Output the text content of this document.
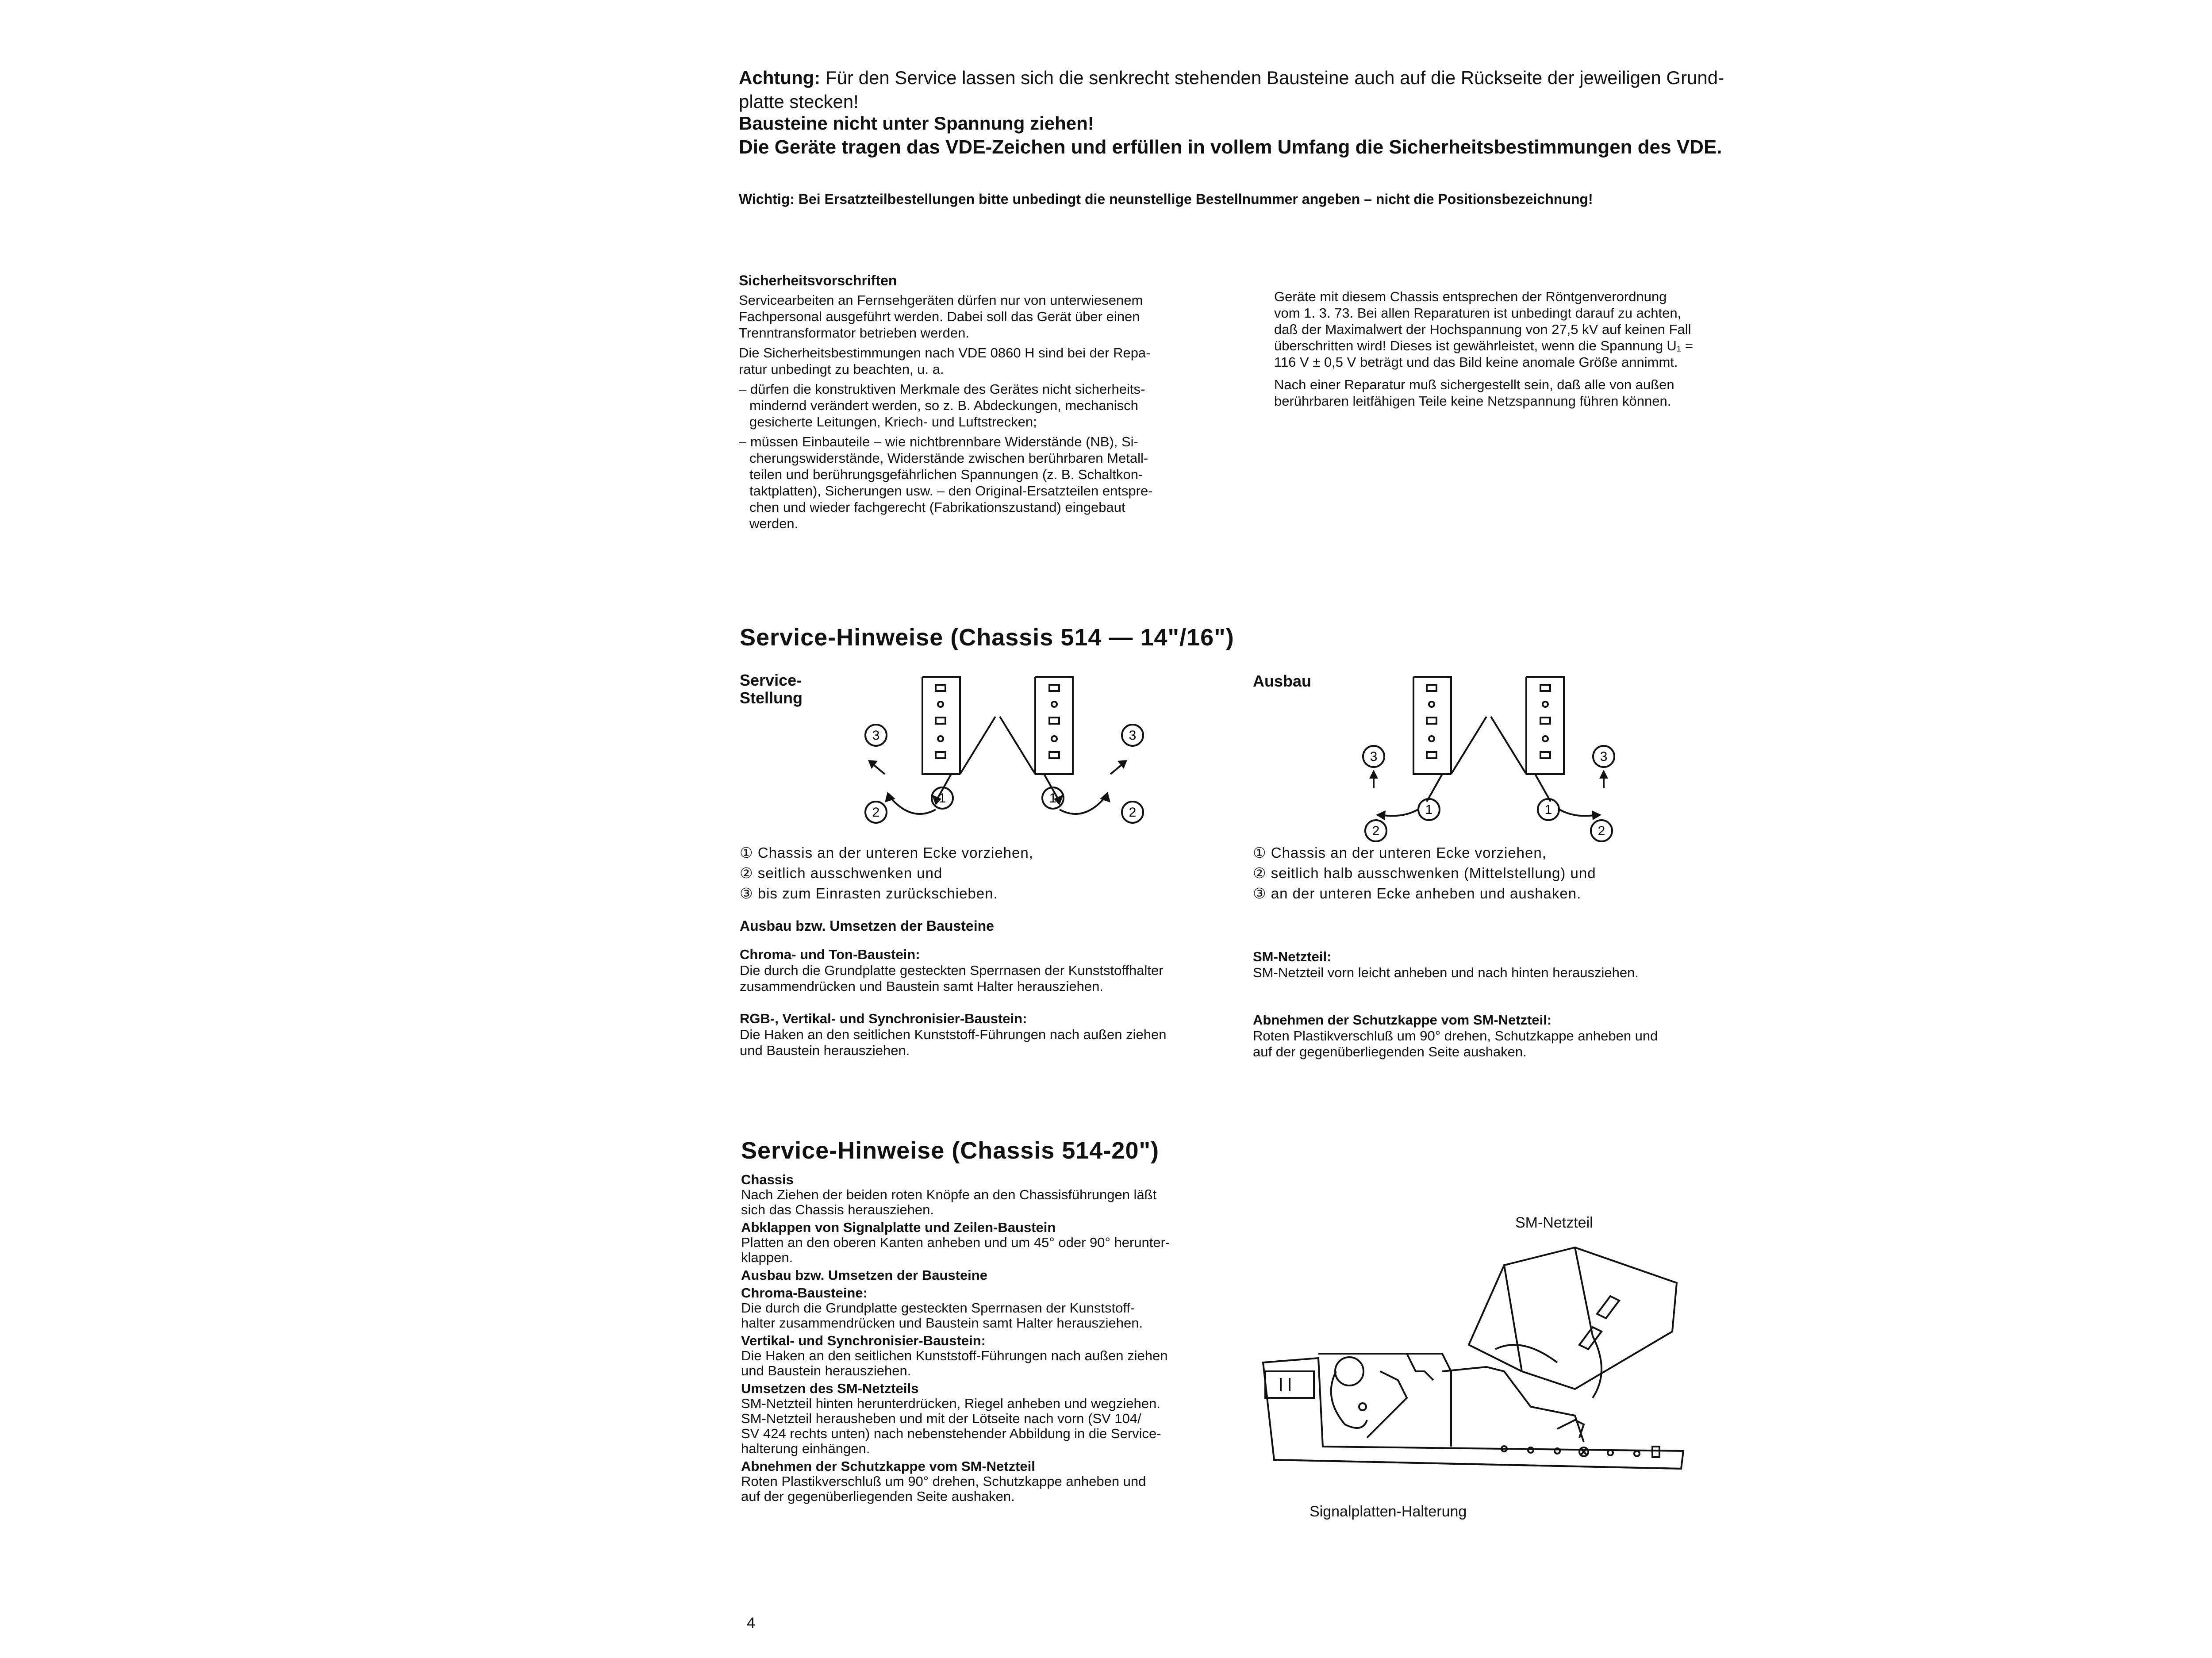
Achtung: Für den Service lassen sich die senkrecht stehenden Bausteine auch auf die Rückseite der jeweiligen Grund-
platte stecken!
Bausteine nicht unter Spannung ziehen!
Die Geräte tragen das VDE-Zeichen und erfüllen in vollem Umfang die Sicherheitsbestimmungen des VDE.
Wichtig: Bei Ersatzteilbestellungen bitte unbedingt die neunstellige Bestellnummer angeben – nicht die Positionsbezeichnung!
Sicherheitsvorschriften
Servicearbeiten an Fernsehgeräten dürfen nur von unterwiesenem
Fachpersonal ausgeführt werden. Dabei soll das Gerät über einen
Trenntransformator betrieben werden.
Die Sicherheitsbestimmungen nach VDE 0860 H sind bei der Repa-
ratur unbedingt zu beachten, u. a.
– dürfen die konstruktiven Merkmale des Gerätes nicht sicherheits-
mindernd verändert werden, so z. B. Abdeckungen, mechanisch
gesicherte Leitungen, Kriech- und Luftstrecken;
– müssen Einbauteile – wie nichtbrennbare Widerstände (NB), Si-
cherungswiderstände, Widerstände zwischen berührbaren Metall-
teilen und berührungsgefährlichen Spannungen (z. B. Schaltkon-
taktplatten), Sicherungen usw. – den Original-Ersatzteilen entspre-
chen und wieder fachgerecht (Fabrikationszustand) eingebaut
werden.
Geräte mit diesem Chassis entsprechen der Röntgenverordnung
vom 1. 3. 73. Bei allen Reparaturen ist unbedingt darauf zu achten,
daß der Maximalwert der Hochspannung von 27,5 kV auf keinen Fall
überschritten wird! Dieses ist gewährleistet, wenn die Spannung U₁ =
116 V ± 0,5 V beträgt und das Bild keine anomale Größe annimmt.
Nach einer Reparatur muß sichergestellt sein, daß alle von außen
berührbaren leitfähigen Teile keine Netzspannung führen können.
Service-Hinweise (Chassis 514 — 14"/16")
Service-
Stellung
Ausbau
3	3
1	1
2	2
3	3
1	1
2	2
① Chassis an der unteren Ecke vorziehen,
② seitlich ausschwenken und
③ bis zum Einrasten zurückschieben.
① Chassis an der unteren Ecke vorziehen,
② seitlich halb ausschwenken (Mittelstellung) und
③ an der unteren Ecke anheben und aushaken.
Ausbau bzw. Umsetzen der Bausteine
Chroma- und Ton-Baustein:
Die durch die Grundplatte gesteckten Sperrnasen der Kunststoffhalter
zusammendrücken und Baustein samt Halter herausziehen.
RGB-, Vertikal- und Synchronisier-Baustein:
Die Haken an den seitlichen Kunststoff-Führungen nach außen ziehen
und Baustein herausziehen.
SM-Netzteil:
SM-Netzteil vorn leicht anheben und nach hinten herausziehen.
Abnehmen der Schutzkappe vom SM-Netzteil:
Roten Plastikverschluß um 90° drehen, Schutzkappe anheben und
auf der gegenüberliegenden Seite aushaken.
Service-Hinweise (Chassis 514-20")
Chassis
Nach Ziehen der beiden roten Knöpfe an den Chassisführungen läßt
sich das Chassis herausziehen.
Abklappen von Signalplatte und Zeilen-Baustein
Platten an den oberen Kanten anheben und um 45° oder 90° herunter-
klappen.
Ausbau bzw. Umsetzen der Bausteine
Chroma-Bausteine:
Die durch die Grundplatte gesteckten Sperrnasen der Kunststoff-
halter zusammendrücken und Baustein samt Halter herausziehen.
Vertikal- und Synchronisier-Baustein:
Die Haken an den seitlichen Kunststoff-Führungen nach außen ziehen
und Baustein herausziehen.
Umsetzen des SM-Netzteils
SM-Netzteil hinten herunterdrücken, Riegel anheben und wegziehen.
SM-Netzteil herausheben und mit der Lötseite nach vorn (SV 104/
SV 424 rechts unten) nach nebenstehender Abbildung in die Service-
halterung einhängen.
Abnehmen der Schutzkappe vom SM-Netzteil
Roten Plastikverschluß um 90° drehen, Schutzkappe anheben und
auf der gegenüberliegenden Seite aushaken.
SM-Netzteil
Signalplatten-Halterung
4
